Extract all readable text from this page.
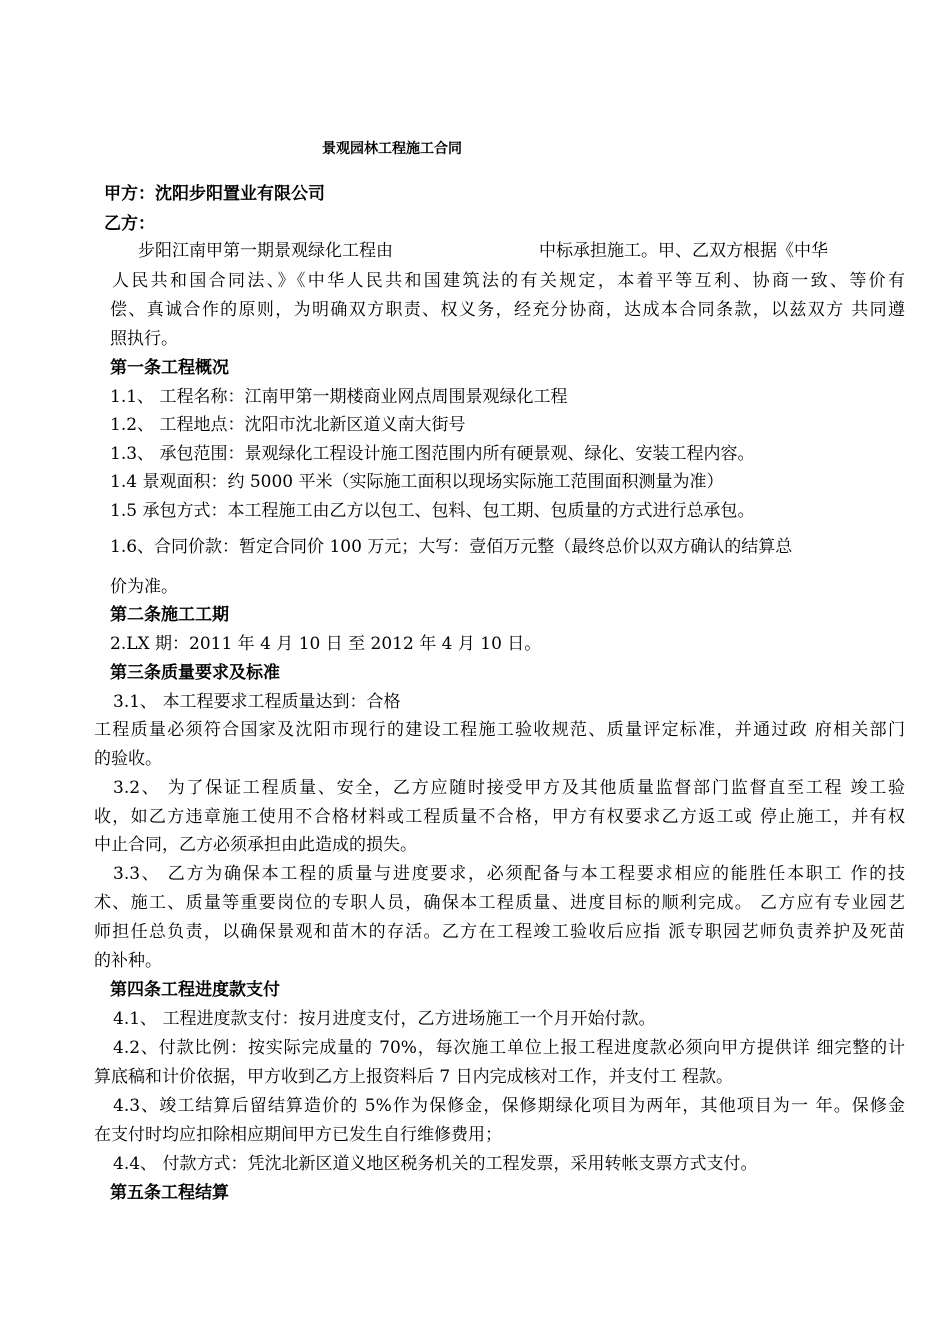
景观园林工程施工合同
甲方：沈阳步阳置业有限公司
乙方：
步阳江南甲第一期景观绿化工程由	中标承担施工。甲、乙双方根据《中华
人民共和国合同法、》《中华人民共和国建筑法的有关规定，本着平等互利、协商一致、等价有
偿、真诚合作的原则，为明确双方职责、权义务，经充分协商，达成本合同条款，以兹双方 共同遵
照执行。
第一条工程概况
1.1、 工程名称：江南甲第一期楼商业网点周围景观绿化工程
1.2、 工程地点：沈阳市沈北新区道义南大街号
1.3、 承包范围：景观绿化工程设计施工图范围内所有硬景观、绿化、安装工程内容。
1.4 景观面积：约 5000 平米（实际施工面积以现场实际施工范围面积测量为准）
1.5 承包方式：本工程施工由乙方以包工、包料、包工期、包质量的方式进行总承包。
1.6、合同价款：暂定合同价 100 万元；大写：壹佰万元整（最终总价以双方确认的结算总
价为准。
第二条施工工期
2.LX 期：2011 年 4 月 10 日 至 2012 年 4 月 10 日。
第三条质量要求及标准
3.1、 本工程要求工程质量达到：合格
工程质量必须符合国家及沈阳市现行的建设工程施工验收规范、质量评定标准，并通过政 府相关部门
的验收。
3.2、 为了保证工程质量、安全，乙方应随时接受甲方及其他质量监督部门监督直至工程 竣工验
收，如乙方违章施工使用不合格材料或工程质量不合格，甲方有权要求乙方返工或 停止施工，并有权
中止合同，乙方必须承担由此造成的损失。
3.3、 乙方为确保本工程的质量与进度要求，必须配备与本工程要求相应的能胜任本职工 作的技
术、施工、质量等重要岗位的专职人员，确保本工程质量、进度目标的顺利完成。 乙方应有专业园艺
师担任总负责，以确保景观和苗木的存活。乙方在工程竣工验收后应指 派专职园艺师负责养护及死苗
的补种。
第四条工程进度款支付
4.1、 工程进度款支付：按月进度支付，乙方进场施工一个月开始付款。
4.2、付款比例：按实际完成量的 70%，每次施工单位上报工程进度款必须向甲方提供详 细完整的计
算底稿和计价依据，甲方收到乙方上报资料后 7 日内完成核对工作，并支付工 程款。
4.3、竣工结算后留结算造价的 5%作为保修金，保修期绿化项目为两年，其他项目为一 年。保修金
在支付时均应扣除相应期间甲方已发生自行维修费用；
4.4、 付款方式：凭沈北新区道义地区税务机关的工程发票，采用转帐支票方式支付。
第五条工程结算
